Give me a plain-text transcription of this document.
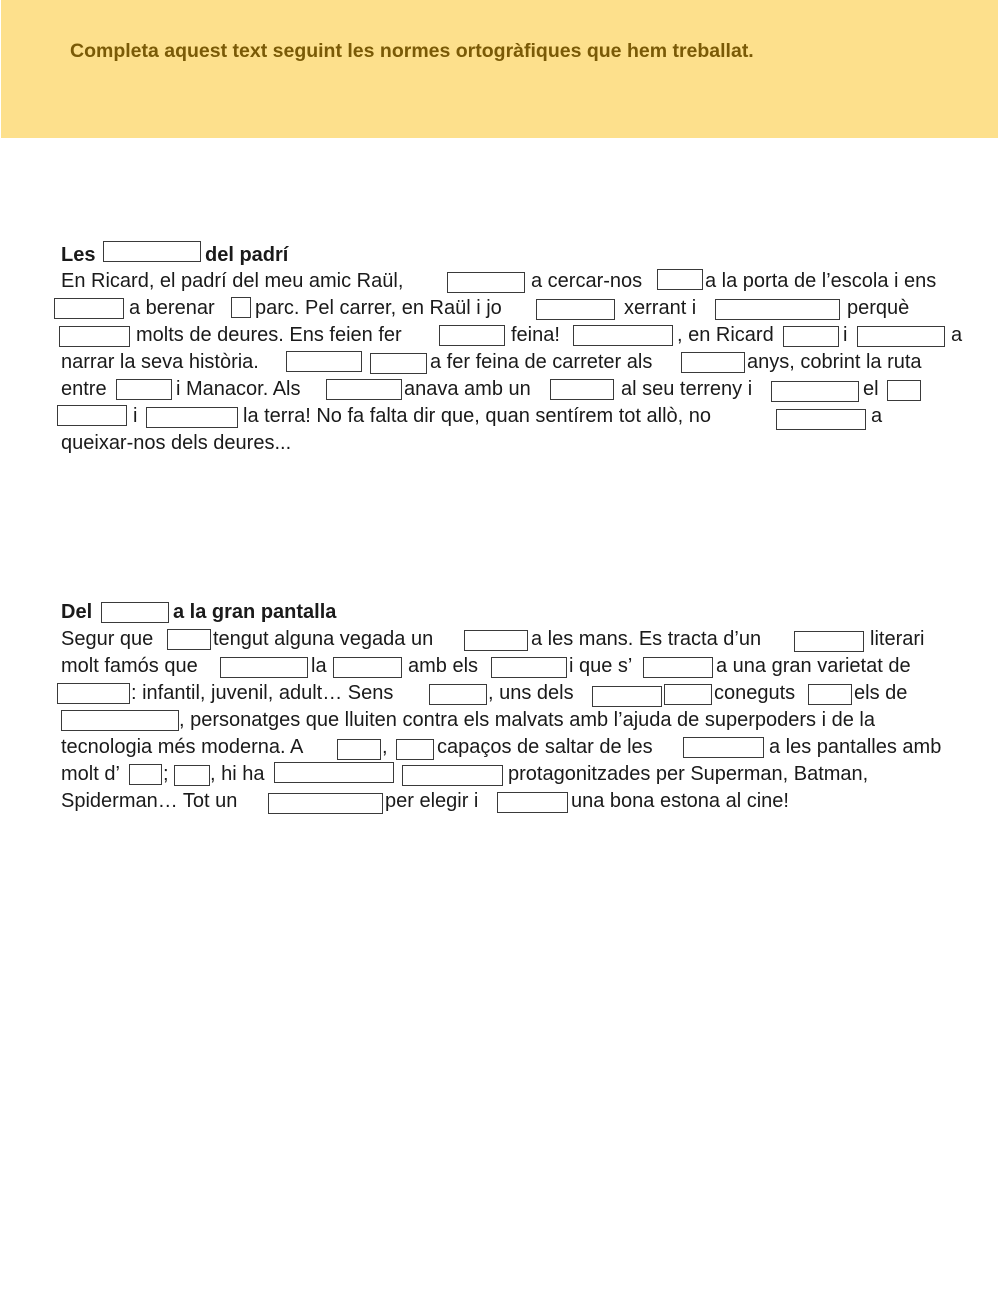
Completa aquest text seguint les normes ortogràfiques que hem treballat.
Les	del padrí
En Ricard, el padrí del meu amic Raül,	a cercar-nos	a la porta de l’escola i ens
a berenar parc. Pel carrer, en Raül i jo	xerrant i	perquè
molts de deures. Ens feien fer	feina!	, en Ricard	i	a
narrar la seva història.	a fer feina de carreter als	anys, cobrint la ruta
entre	i Manacor. Als	anava amb un	al seu terreny i	el
i	la terra! No fa falta dir que, quan sentírem tot allò, no	a
queixar-nos dels deures...
Del	a la gran pantalla
Segur que	tengut alguna vegada un	a les mans. Es tracta d’un	literari
molt famós que	la	amb els	i que s’	a una gran varietat de
: infantil, juvenil, adult… Sens	, uns dels	coneguts	els de
, personatges que lluiten contra els malvats amb l’ajuda de superpoders i de la
tecnologia més moderna. A	, capaços de saltar de les	a les pantalles amb
molt d’ ; , hi ha	protagonitzades per Superman, Batman,
Spiderman… Tot un	per elegir i	una bona estona al cine!
